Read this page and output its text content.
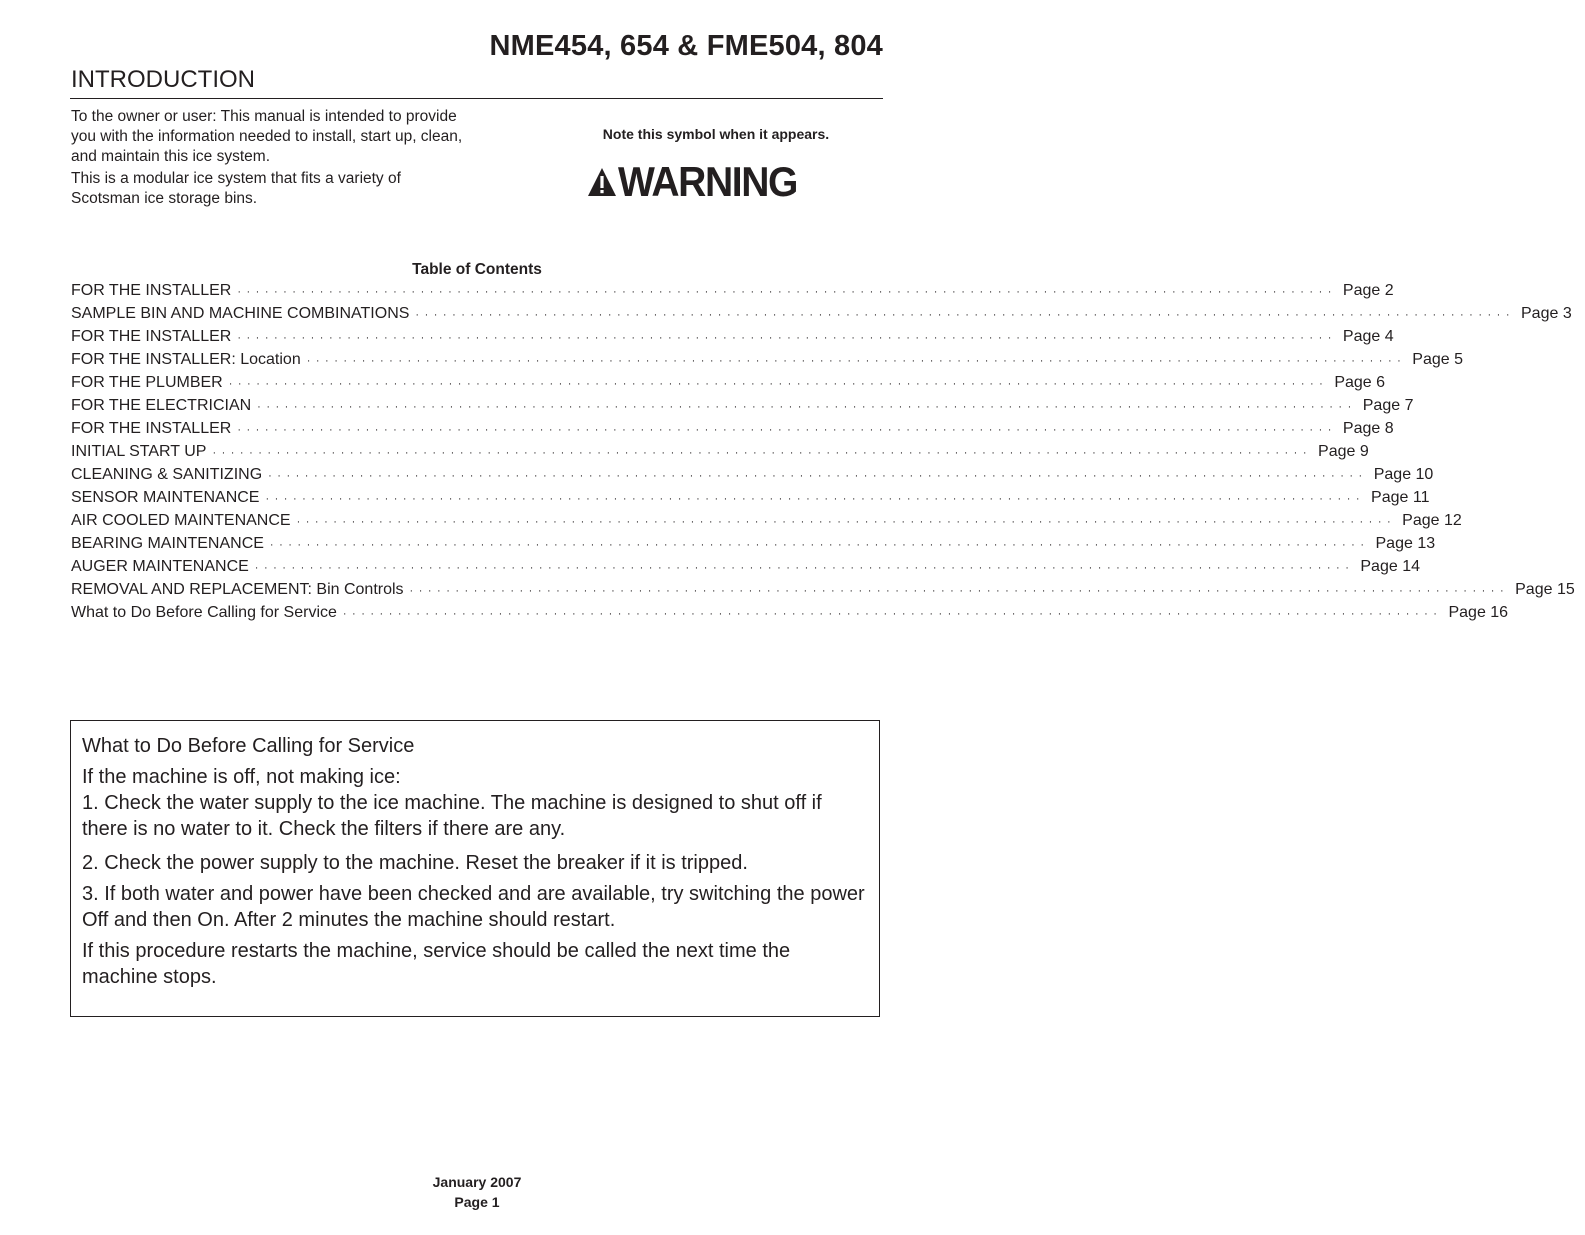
NME454, 654 & FME504, 804
INTRODUCTION

To the owner or user: This manual is intended to provide you with the information needed to install, start up, clean, and maintain this ice system.

This is a modular ice system that fits a variety of Scotsman ice storage bins.

Note this symbol when it appears.
WARNING
Table of Contents
FOR THE INSTALLER ························································································································ Page 2
SAMPLE BIN AND MACHINE COMBINATIONS ························································································································ Page 3
FOR THE INSTALLER ························································································································ Page 4
FOR THE INSTALLER: Location ························································································································ Page 5
FOR THE PLUMBER ························································································································ Page 6
FOR THE ELECTRICIAN ························································································································ Page 7
FOR THE INSTALLER ························································································································ Page 8
INITIAL START UP ························································································································ Page 9
CLEANING & SANITIZING ························································································································ Page 10
SENSOR MAINTENANCE ························································································································ Page 11
AIR COOLED MAINTENANCE ························································································································ Page 12
BEARING MAINTENANCE ························································································································ Page 13
AUGER MAINTENANCE ························································································································ Page 14
REMOVAL AND REPLACEMENT: Bin Controls ························································································································ Page 15
What to Do Before Calling for Service ························································································································ Page 16

What to Do Before Calling for Service

If the machine is off, not making ice:

1. Check the water supply to the ice machine. The machine is designed to shut off if there is no water to it. Check the filters if there are any.

2. Check the power supply to the machine. Reset the breaker if it is tripped.

3. If both water and power have been checked and are available, try switching the power Off and then On. After 2 minutes the machine should restart.

If this procedure restarts the machine, service should be called the next time the machine stops.

January 2007
Page 1
